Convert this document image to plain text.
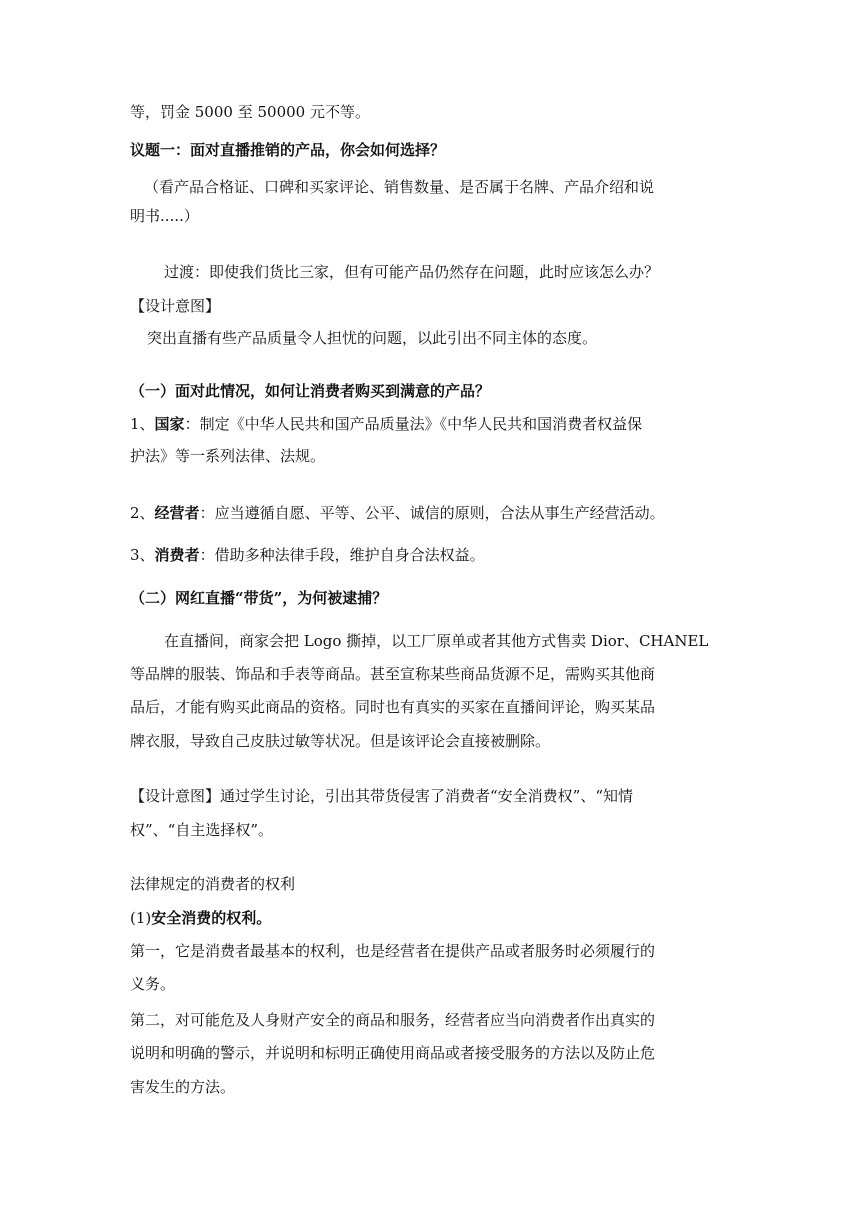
等，罚金 5000 至 50000 元不等。
议题一：面对直播推销的产品，你会如何选择？
（看产品合格证、口碑和买家评论、销售数量、是否属于名牌、产品介绍和说
明书.....）
过渡：即使我们货比三家，但有可能产品仍然存在问题，此时应该怎么办？
【设计意图】
突出直播有些产品质量令人担忧的问题，以此引出不同主体的态度。
（一）面对此情况，如何让消费者购买到满意的产品？
1、国家：制定《中华人民共和国产品质量法》《中华人民共和国消费者权益保
护法》等一系列法律、法规。
2、经营者：应当遵循自愿、平等、公平、诚信的原则，合法从事生产经营活动。
3、消费者：借助多种法律手段，维护自身合法权益。
（二）网红直播“带货”，为何被逮捕？
在直播间，商家会把 Logo 撕掉，以工厂原单或者其他方式售卖 Dior、CHANEL
等品牌的服装、饰品和手表等商品。甚至宣称某些商品货源不足，需购买其他商
品后，才能有购买此商品的资格。同时也有真实的买家在直播间评论，购买某品
牌衣服，导致自己皮肤过敏等状况。但是该评论会直接被删除。
【设计意图】通过学生讨论，引出其带货侵害了消费者“安全消费权”、“知情
权”、“自主选择权”。
法律规定的消费者的权利
(1)安全消费的权利。
第一，它是消费者最基本的权利，也是经营者在提供产品或者服务时必须履行的
义务。
第二，对可能危及人身财产安全的商品和服务，经营者应当向消费者作出真实的
说明和明确的警示，并说明和标明正确使用商品或者接受服务的方法以及防止危
害发生的方法。
